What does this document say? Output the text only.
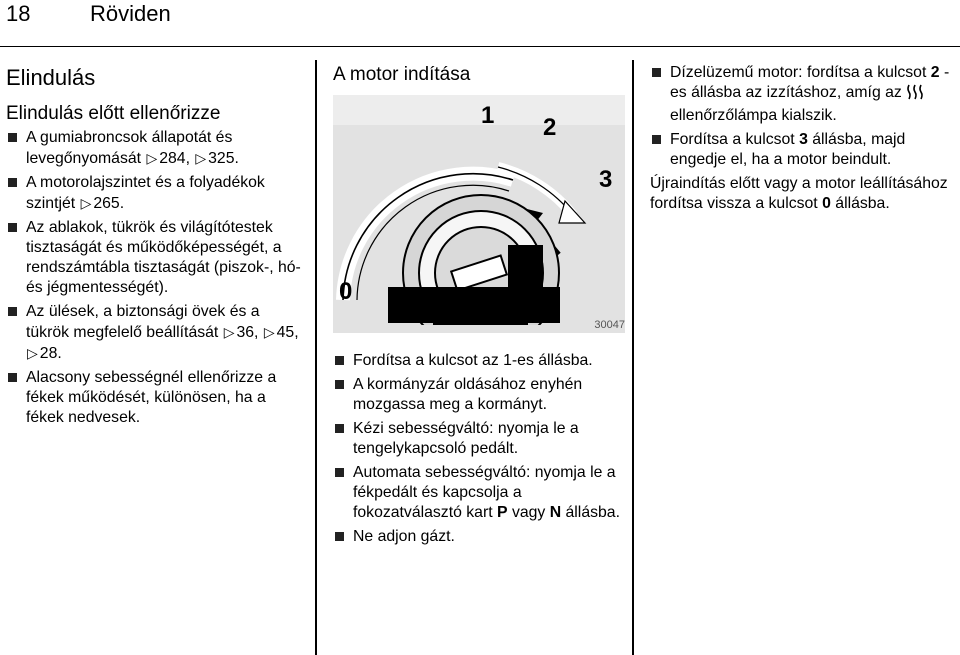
18	Röviden
Elindulás
Elindulás előtt ellenőrizze
A gumiabroncsok állapotát és levegőnyomását ▷ 284, ▷ 325.
A motorolajszintet és a folyadékok szintjét ▷ 265.
Az ablakok, tükrök és világítótestek tisztaságát és működőképességét, a rendszámtábla tisztaságát (piszok-, hó- és jégmentességét).
Az ülések, a biztonsági övek és a tükrök megfelelő beállítását ▷ 36, ▷ 45, ▷ 28.
Alacsony sebességnél ellenőrizze a fékek működését, különösen, ha a fékek nedvesek.
A motor indítása
1 2
3
0
30047
Fordítsa a kulcsot az 1-es állásba.
A kormányzár oldásához enyhén mozgassa meg a kormányt.
Kézi sebességváltó: nyomja le a tengelykapcsoló pedált.
Automata sebességváltó: nyomja le a fékpedált és kapcsolja a fokozatválasztó kart P vagy N állásba.
Ne adjon gázt.
Dízelüzemű motor: fordítsa a kulcsot 2 - es állásba az izzításhoz, amíg az  ellenőrzőlámpa kialszik.
Fordítsa a kulcsot 3 állásba, majd engedje el, ha a motor beindult.

Újraindítás előtt vagy a motor leállításához fordítsa vissza a kulcsot 0 állásba.
